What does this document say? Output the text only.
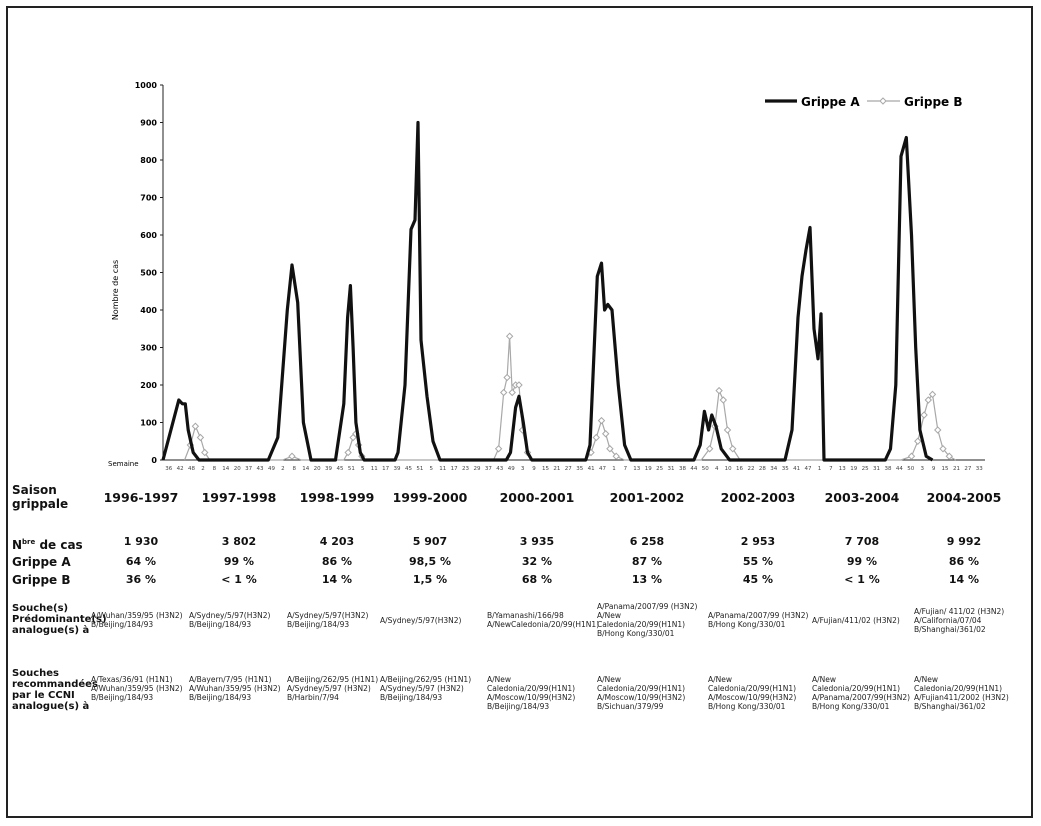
0
100
200
300
400
500
600
700
800
900
1000
36 42 48 2 8 14 20 37 43 49 2 8 14 20 39 45 51 5 11 17 39 45 51 5 11 17 23 29 37 43 49 3 9 15 21 27 35 41 47 1 7 13 19 25 31 38 44 50 4 10 16 22 28 34 35 41 47 1 7 13 19 25 31 38 44 50 3 9 15 21 27 33
Grippe A	Grippe B
Nombre de cas
Semaine
Saison
grippale
$N^{bre}$ de cas
Grippe A
Grippe B
Souche(s)
Prédominante(s)
analogue(s) à
Souches
recommandées
par le CCNI
analogue(s) à
1996-1997
1 930
64 %
36 %
A/Wuhan/359/95 (H3N2)
B/Beijing/184/93
A/Texas/36/91 (H1N1)
A/Wuhan/359/95 (H3N2)
B/Beijing/184/93
1997-1998
3 802
99 %
< 1 %
A/Sydney/5/97(H3N2)
B/Beijing/184/93
A/Bayern/7/95 (H1N1)
A/Wuhan/359/95 (H3N2)
B/Beijing/184/93
1998-1999
4 203
86 %
14 %
A/Sydney/5/97(H3N2)
B/Beijing/184/93
A/Beijing/262/95 (H1N1)
A/Sydney/5/97 (H3N2)
B/Harbin/7/94
1999-2000
5 907
98,5 %
1,5 %
A/Sydney/5/97(H3N2)
A/Beijing/262/95 (H1N1)
A/Sydney/5/97 (H3N2)
B/Beijing/184/93
2000-2001
3 935
32 %
68 %
B/Yamanashi/166/98
A/NewCaledonia/20/99(H1N1)
A/New
Caledonia/20/99(H1N1)
A/Moscow/10/99(H3N2)
B/Beijing/184/93
2001-2002
6 258
87 %
13 %
A/Panama/2007/99 (H3N2)
A/New
Caledonia/20/99(H1N1)
B/Hong Kong/330/01
A/New
Caledonia/20/99(H1N1)
A/Moscow/10/99(H3N2)
B/Sichuan/379/99
2002-2003
2 953
55 %
45 %
A/Panama/2007/99 (H3N2)
B/Hong Kong/330/01
A/New
Caledonia/20/99(H1N1)
A/Moscow/10/99(H3N2)
B/Hong Kong/330/01
2003-2004
7 708
99 %
< 1 %
A/Fujian/411/02 (H3N2)
A/New
Caledonia/20/99(H1N1)
A/Panama/2007/99(H3N2)
B/Hong Kong/330/01
2004-2005
9 992
86 %
14 %
A/Fujian/ 411/02 (H3N2)
A/California/07/04
B/Shanghai/361/02
A/New
Caledonia/20/99(H1N1)
A/Fujian411/2002 (H3N2)
B/Shanghai/361/02
